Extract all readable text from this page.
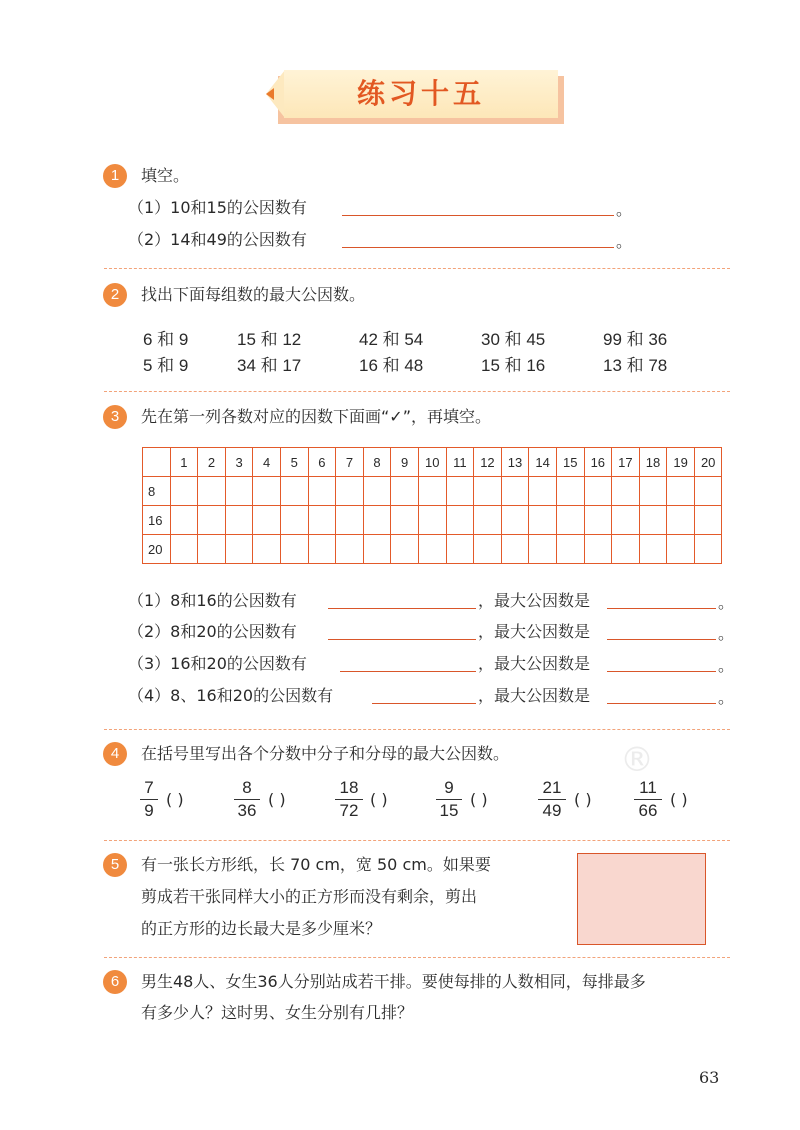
练习十五
1	填空。
（1）10和15的公因数有	。
（2）14和49的公因数有	。
2	找出下面每组数的最大公因数。
6 和 9	15 和 12	42 和 54	30 和 45	99 和 36
5 和 9	34 和 17	16 和 48	15 和 16	13 和 78
3	先在第一列各数对应的因数下面画“✓”，再填空。
	1	2	3	4	5	6	7	8	9	10	11	12	13	14	15	16	17	18	19	20
8																				
16																				
20																				
（1）8和16的公因数有	，最大公因数是	。
（2）8和20的公因数有	，最大公因数是	。
（3）16和20的公因数有	，最大公因数是	。
（4）8、16和20的公因数有	，最大公因数是	。
4	在括号里写出各个分数中分子和分母的最大公因数。	®
7
9
( )
8
36
( )
18
72
( )
9
15
( )
21
49
( )
11
66
( )
5	有一张长方形纸，长 70 cm，宽 50 cm。如果要
剪成若干张同样大小的正方形而没有剩余，剪出
的正方形的边长最大是多少厘米？
6	男生48人、女生36人分别站成若干排。要使每排的人数相同，每排最多
有多少人？这时男、女生分别有几排？
63
